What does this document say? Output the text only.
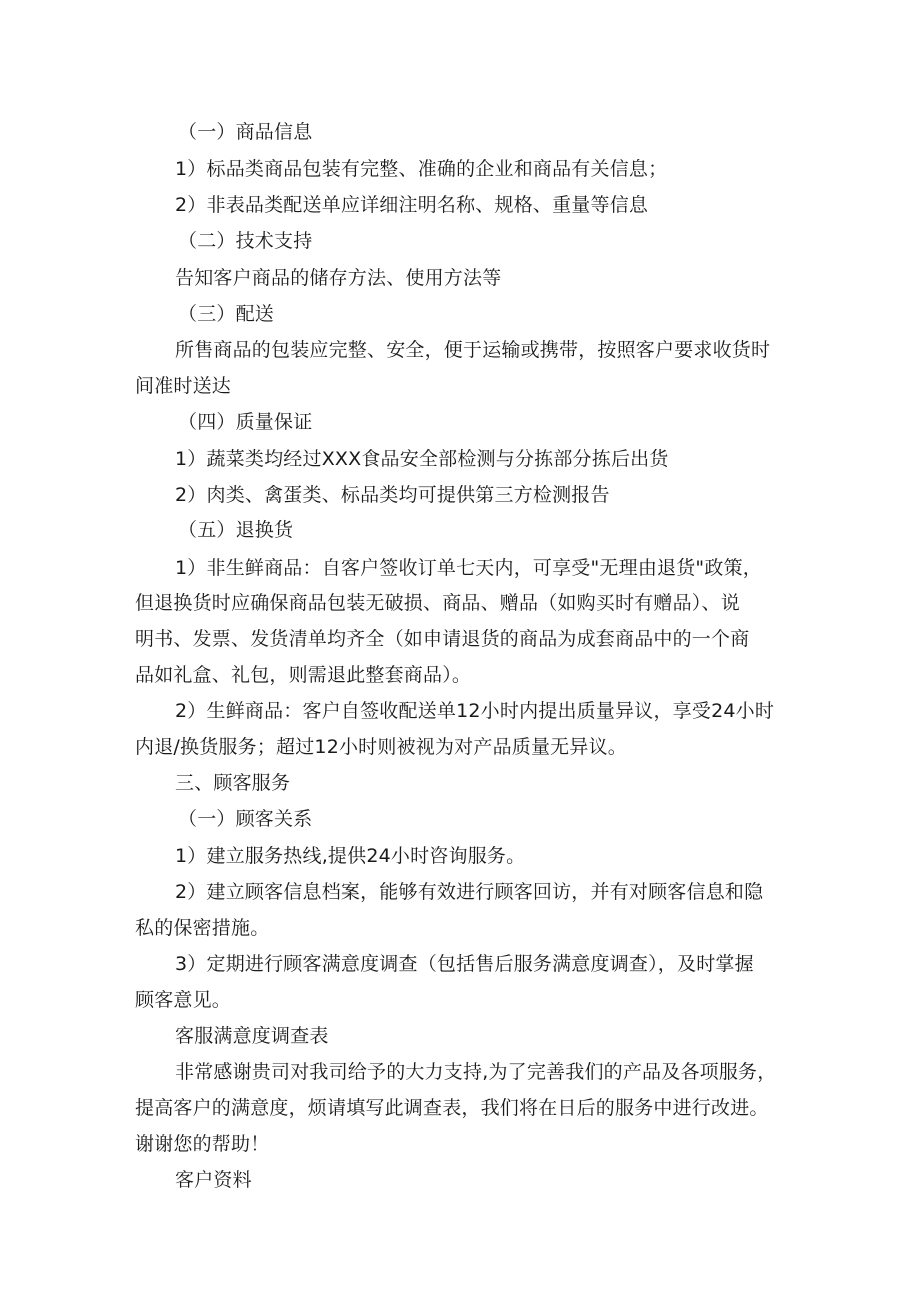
（一）商品信息
1）标品类商品包装有完整、准确的企业和商品有关信息；
2）非表品类配送单应详细注明名称、规格、重量等信息
（二）技术支持
告知客户商品的储存方法、使用方法等
（三）配送
所售商品的包装应完整、安全，便于运输或携带，按照客户要求收货时
间准时送达
（四）质量保证
1）蔬菜类均经过XXX食品安全部检测与分拣部分拣后出货
2）肉类、禽蛋类、标品类均可提供第三方检测报告
（五）退换货
1）非生鲜商品：自客户签收订单七天内，可享受"无理由退货"政策，
但退换货时应确保商品包装无破损、商品、赠品（如购买时有赠品）、说
明书、发票、发货清单均齐全（如申请退货的商品为成套商品中的一个商
品如礼盒、礼包，则需退此整套商品）。
2）生鲜商品：客户自签收配送单12小时内提出质量异议，享受24小时
内退/换货服务；超过12小时则被视为对产品质量无异议。
三、顾客服务
（一）顾客关系
1）建立服务热线,提供24小时咨询服务。
2）建立顾客信息档案，能够有效进行顾客回访，并有对顾客信息和隐
私的保密措施。
3）定期进行顾客满意度调查（包括售后服务满意度调查），及时掌握
顾客意见。
客服满意度调查表
非常感谢贵司对我司给予的大力支持,为了完善我们的产品及各项服务，
提高客户的满意度，烦请填写此调查表，我们将在日后的服务中进行改进。
谢谢您的帮助！
客户资料
